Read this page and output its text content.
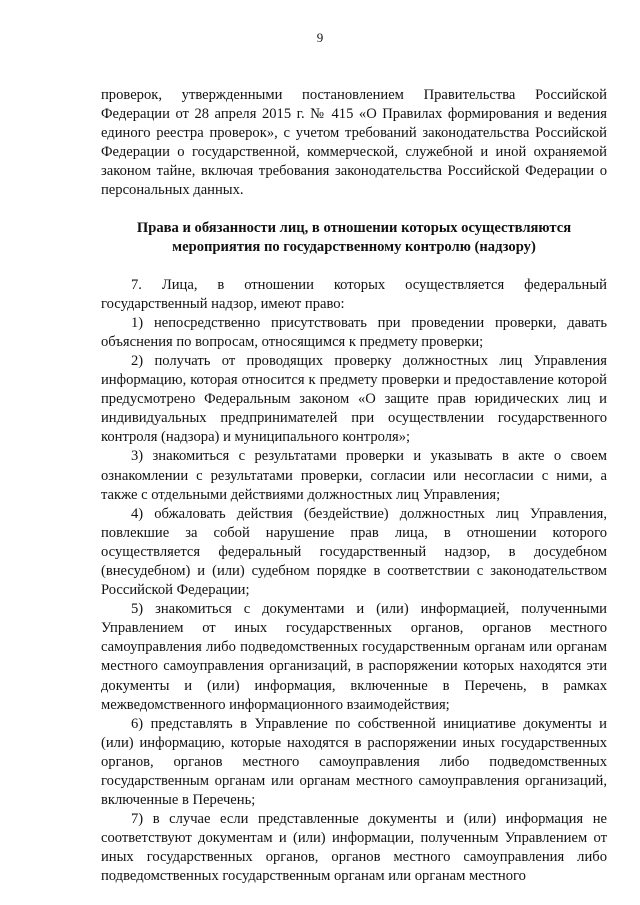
9

проверок, утвержденными постановлением Правительства Российской Федерации от 28 апреля 2015 г. № 415 «О Правилах формирования и ведения единого реестра проверок», с учетом требований законодательства Российской Федерации о государственной, коммерческой, служебной и иной охраняемой законом тайне, включая требования законодательства Российской Федерации о персональных данных.

Права и обязанности лиц, в отношении которых осуществляются
мероприятия по государственному контролю (надзору)

7. Лица, в отношении которых осуществляется федеральный государственный надзор, имеют право:

1) непосредственно присутствовать при проведении проверки, давать объяснения по вопросам, относящимся к предмету проверки;

2) получать от проводящих проверку должностных лиц Управления информацию, которая относится к предмету проверки и предоставление которой предусмотрено Федеральным законом «О защите прав юридических лиц и индивидуальных предпринимателей при осуществлении государственного контроля (надзора) и муниципального контроля»;

3) знакомиться с результатами проверки и указывать в акте о своем ознакомлении с результатами проверки, согласии или несогласии с ними, а также с отдельными действиями должностных лиц Управления;

4) обжаловать действия (бездействие) должностных лиц Управления, повлекшие за собой нарушение прав лица, в отношении которого осуществляется федеральный государственный надзор, в досудебном (внесудебном) и (или) судебном порядке в соответствии с законодательством Российской Федерации;

5) знакомиться с документами и (или) информацией, полученными Управлением от иных государственных органов, органов местного самоуправления либо подведомственных государственным органам или органам местного самоуправления организаций, в распоряжении которых находятся эти документы и (или) информация, включенные в Перечень, в рамках межведомственного информационного взаимодействия;

6) представлять в Управление по собственной инициативе документы и (или) информацию, которые находятся в распоряжении иных государственных органов, органов местного самоуправления либо подведомственных государственным органам или органам местного самоуправления организаций, включенные в Перечень;

7) в случае если представленные документы и (или) информация не соответствуют документам и (или) информации, полученным Управлением от иных государственных органов, органов местного самоуправления либо подведомственных государственным органам или органам местного
